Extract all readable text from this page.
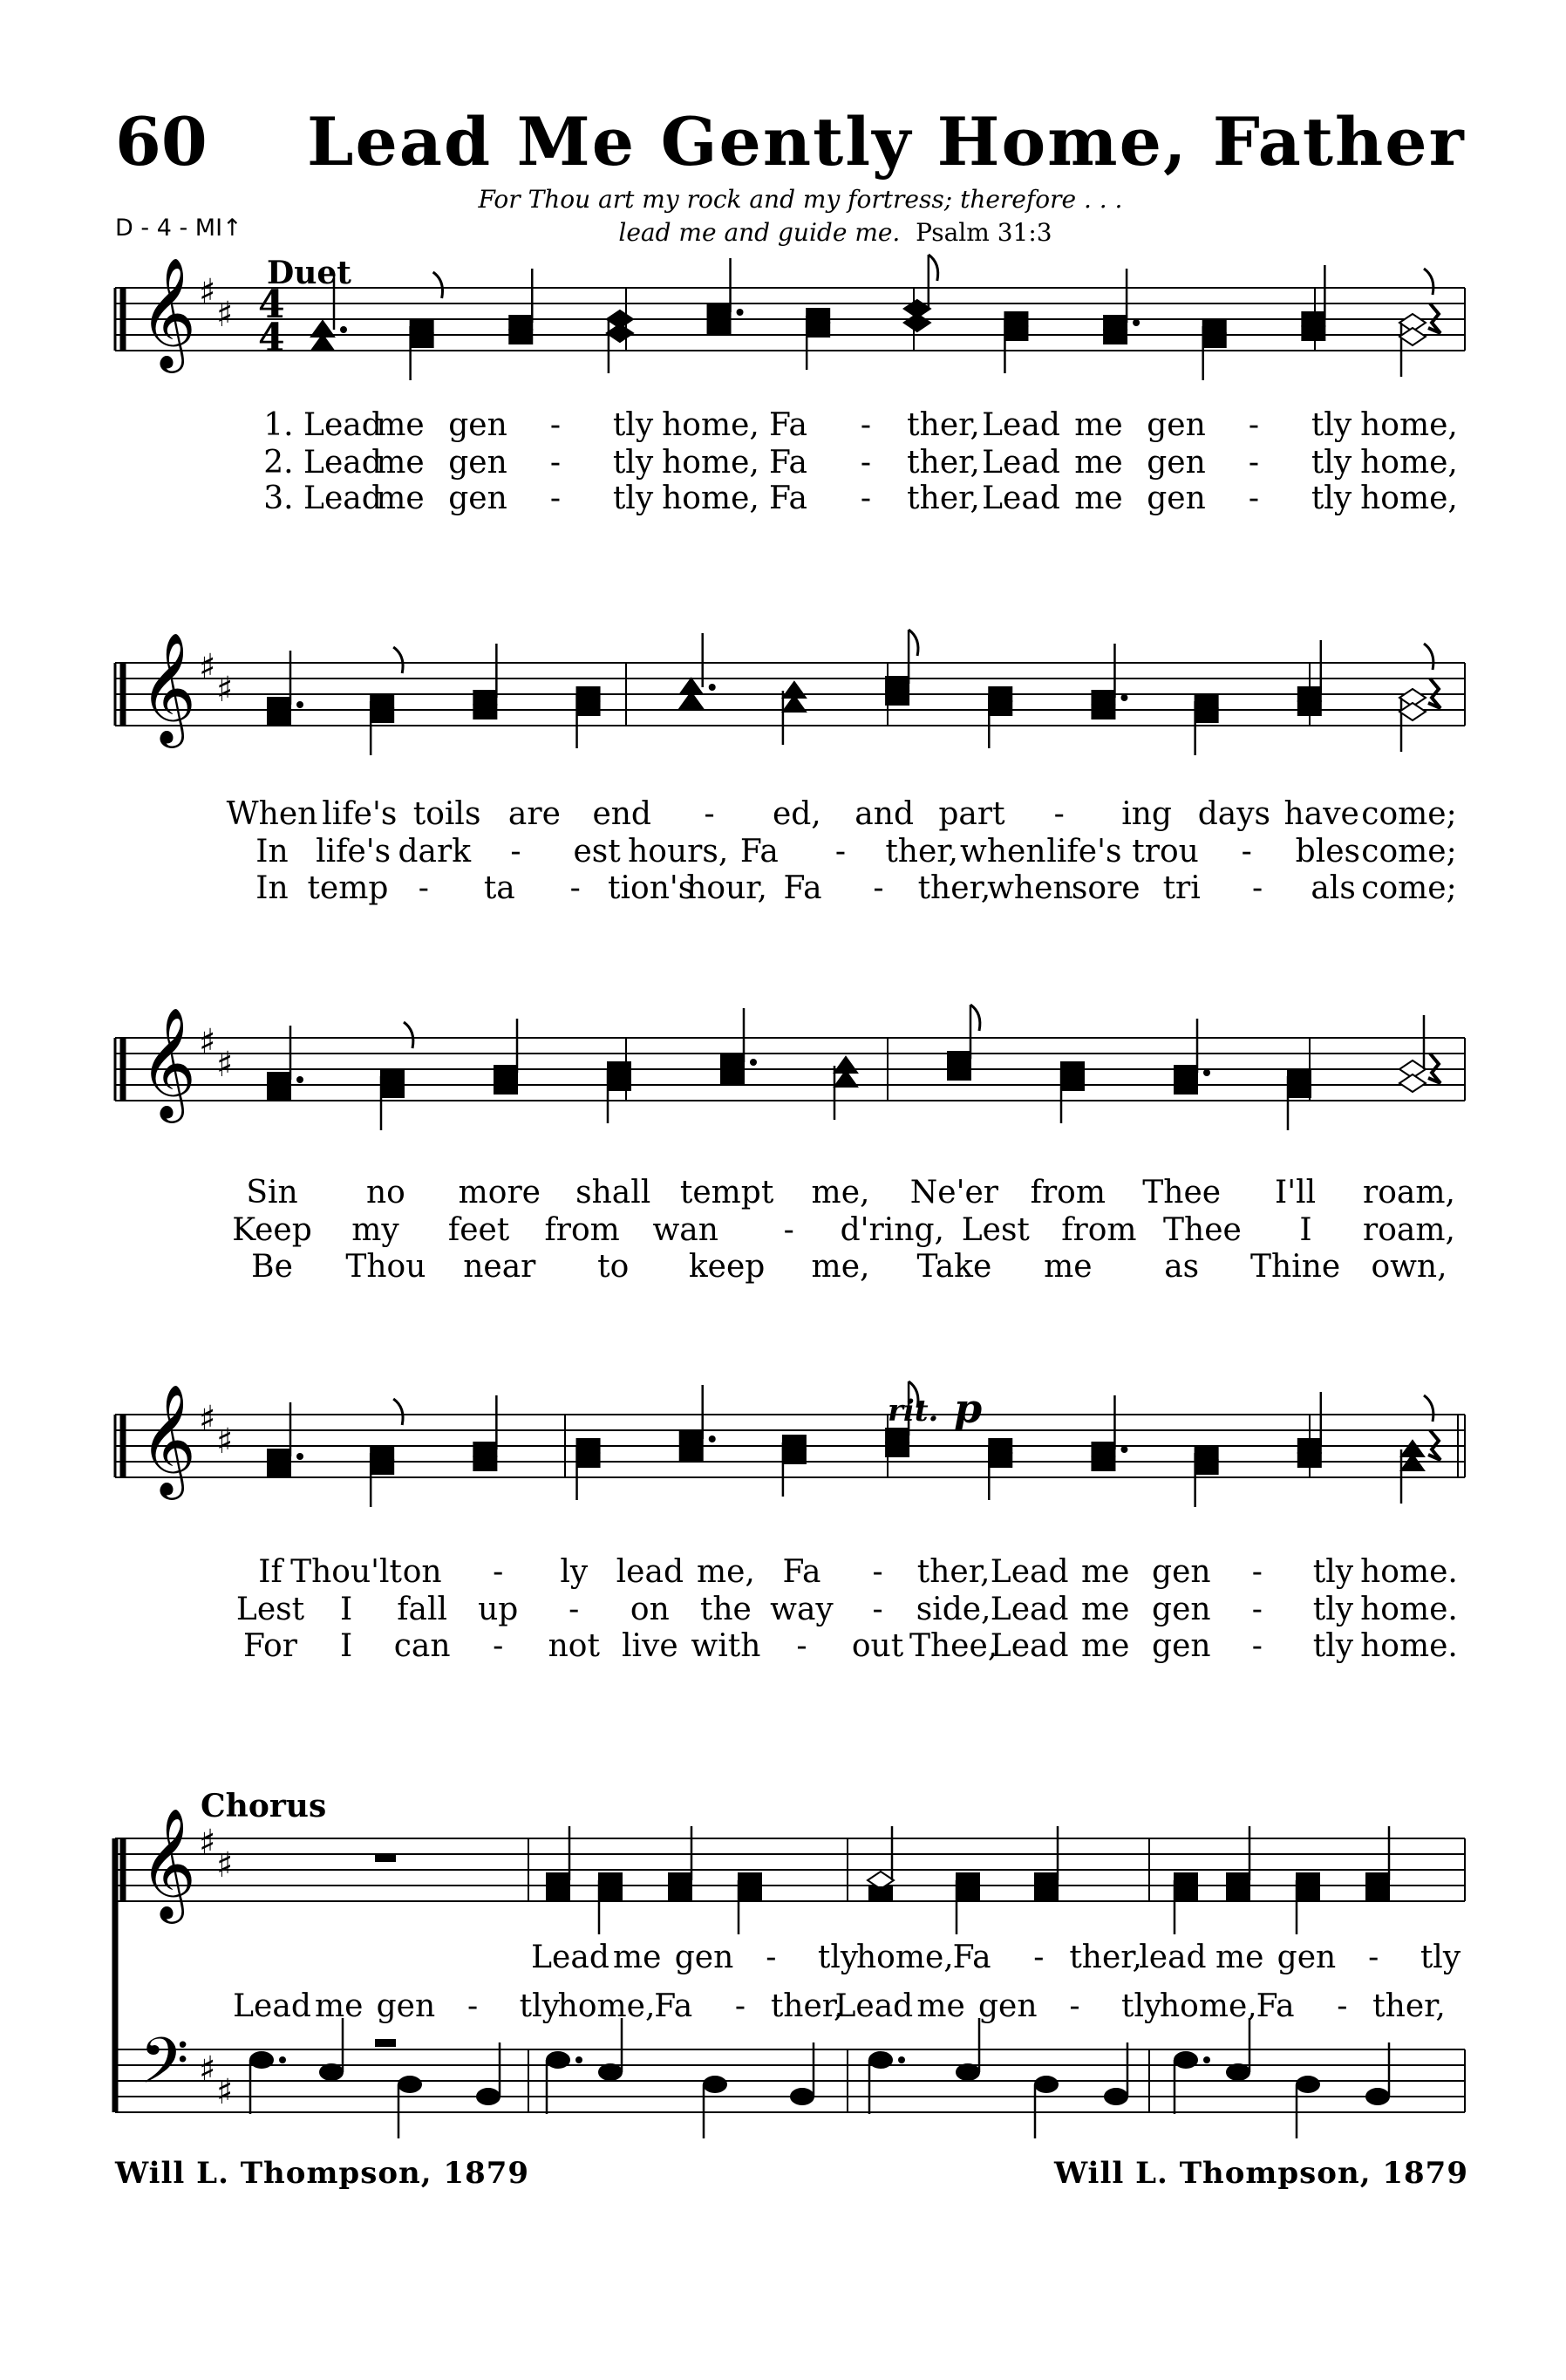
60 Lead Me Gently Home, Father
D - 4 - MI↑
For Thou art my rock and my fortress; therefore . . .
lead me and guide me. Psalm 31:3
Duet
Chorus
rit. p
𝄞 ♯
♯ 4
4
𝄞 ♯
♯
𝄞 ♯
♯
𝄞 ♯
♯
𝄞 ♯
♯
𝄢 ♯
♯
1. Lead
me gen - tly home, Fa - ther, Lead me gen - tly home,
2. Lead
me gen - tly home, Fa - ther, Lead me gen - tly home,
3. Lead
me gen - tly home, Fa - ther, Lead me gen - tly home,
When life's toils are end - ed, and part - ing days have come;
In life's dark - est hours, Fa - ther, when life's trou - bles come;
In temp - ta - tion's
hour, Fa - ther,
when
sore tri - als come;
Sin no more shall tempt me, Ne'er from Thee I'll roam,
Keep my feet from wan - d'ring, Lest from Thee I roam,
Be Thou near to keep me, Take me as Thine own,
If Thou'lt on - ly lead me, Fa - ther, Lead me gen - tly home.
Lest I fall up - on the way - side, Lead me gen - tly home.
For I can - not live with - out Thee,
Lead me gen - tly home.
Lead me gen - tly
home,
Fa - ther,
lead me gen - tly
Lead me gen - tly
home,
Fa - ther,
Lead me gen - tly
home,
Fa - ther,
Will L. Thompson, 1879	Will L. Thompson, 1879
